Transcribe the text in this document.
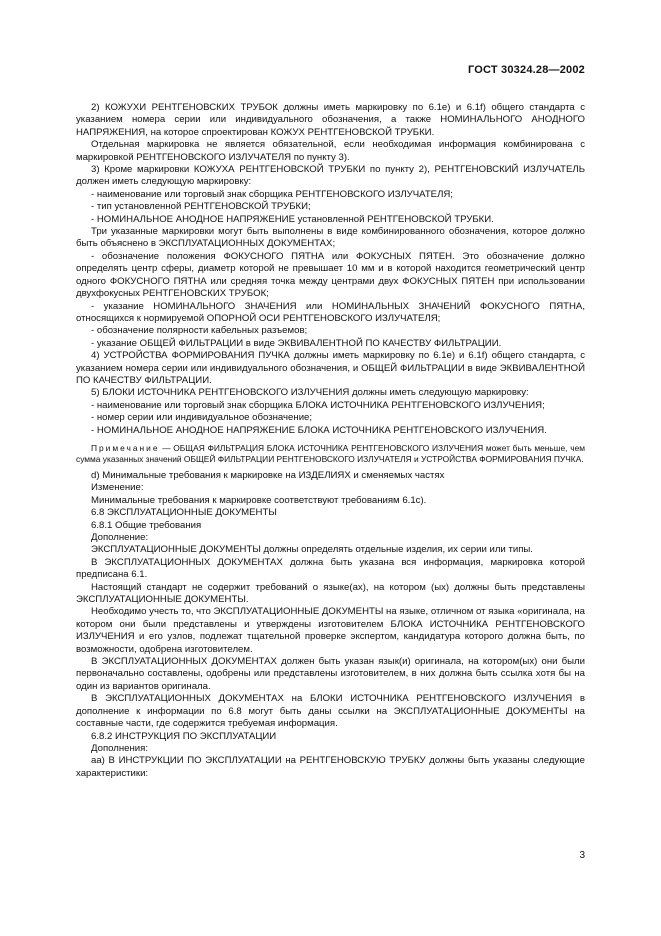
ГОСТ 30324.28—2002

2) КОЖУХИ РЕНТГЕНОВСКИХ ТРУБОК должны иметь маркировку по 6.1е) и 6.1f) общего стандарта с указанием номера серии или индивидуального обозначения, а также НОМИНАЛЬНОГО АНОДНОГО НАПРЯЖЕНИЯ, на которое спроектирован КОЖУХ РЕНТГЕНОВСКОЙ ТРУБКИ.

Отдельная маркировка не является обязательной, если необходимая информация комбинирована с маркировкой РЕНТГЕНОВСКОГО ИЗЛУЧАТЕЛЯ по пункту 3).

3) Кроме маркировки КОЖУХА РЕНТГЕНОВСКОЙ ТРУБКИ по пункту 2), РЕНТГЕНОВСКИЙ ИЗЛУЧАТЕЛЬ должен иметь следующую маркировку:

- наименование или торговый знак сборщика РЕНТГЕНОВСКОГО ИЗЛУЧАТЕЛЯ;

- тип установленной РЕНТГЕНОВСКОЙ ТРУБКИ;

- НОМИНАЛЬНОЕ АНОДНОЕ НАПРЯЖЕНИЕ установленной РЕНТГЕНОВСКОЙ ТРУБКИ.

Три указанные маркировки могут быть выполнены в виде комбинированного обозначения, которое должно быть объяснено в ЭКСПЛУАТАЦИОННЫХ ДОКУМЕНТАХ;

- обозначение положения ФОКУСНОГО ПЯТНА или ФОКУСНЫХ ПЯТЕН. Это обозначение должно определять центр сферы, диаметр которой не превышает 10 мм и в которой находится геометрический центр одного ФОКУСНОГО ПЯТНА или средняя точка между центрами двух ФОКУСНЫХ ПЯТЕН при использовании двухфокусных РЕНТГЕНОВСКИХ ТРУБОК;

- указание НОМИНАЛЬНОГО ЗНАЧЕНИЯ или НОМИНАЛЬНЫХ ЗНАЧЕНИЙ ФОКУСНОГО ПЯТНА, относящихся к нормируемой ОПОРНОЙ ОСИ РЕНТГЕНОВСКОГО ИЗЛУЧАТЕЛЯ;

- обозначение полярности кабельных разъемов;

- указание ОБЩЕЙ ФИЛЬТРАЦИИ в виде ЭКВИВАЛЕНТНОЙ ПО КАЧЕСТВУ ФИЛЬТРАЦИИ.

4) УСТРОЙСТВА ФОРМИРОВАНИЯ ПУЧКА должны иметь маркировку по 6.1е) и 6.1f) общего стандарта, с указанием номера серии или индивидуального обозначения, и ОБЩЕЙ ФИЛЬТРАЦИИ в виде ЭКВИВАЛЕНТНОЙ ПО КАЧЕСТВУ ФИЛЬТРАЦИИ.

5) БЛОКИ ИСТОЧНИКА РЕНТГЕНОВСКОГО ИЗЛУЧЕНИЯ должны иметь следующую маркировку:

- наименование или торговый знак сборщика БЛОКА ИСТОЧНИКА РЕНТГЕНОВСКОГО ИЗЛУЧЕНИЯ;

- номер серии или индивидуальное обозначение;

- НОМИНАЛЬНОЕ АНОДНОЕ НАПРЯЖЕНИЕ БЛОКА ИСТОЧНИКА РЕНТГЕНОВСКОГО ИЗЛУЧЕНИЯ.

Примечание — ОБЩАЯ ФИЛЬТРАЦИЯ БЛОКА ИСТОЧНИКА РЕНТГЕНОВСКОГО ИЗЛУЧЕНИЯ может быть меньше, чем сумма указанных значений ОБЩЕЙ ФИЛЬТРАЦИИ РЕНТГЕНОВСКОГО ИЗЛУЧАТЕЛЯ и УСТРОЙСТВА ФОРМИРОВАНИЯ ПУЧКА.

d) Минимальные требования к маркировке на ИЗДЕЛИЯХ и сменяемых частях

Изменение:

Минимальные требования к маркировке соответствуют требованиям 6.1с).

6.8 ЭКСПЛУАТАЦИОННЫЕ ДОКУМЕНТЫ

6.8.1 Общие требования

Дополнение:

ЭКСПЛУАТАЦИОННЫЕ ДОКУМЕНТЫ должны определять отдельные изделия, их серии или типы.

В ЭКСПЛУАТАЦИОННЫХ ДОКУМЕНТАХ должна быть указана вся информация, маркировка которой предписана 6.1.

Настоящий стандарт не содержит требований о языке(ах), на котором (ых) должны быть представлены ЭКСПЛУАТАЦИОННЫЕ ДОКУМЕНТЫ.

Необходимо учесть то, что ЭКСПЛУАТАЦИОННЫЕ ДОКУМЕНТЫ на языке, отличном от языка «оригинала, на котором они были представлены и утверждены изготовителем БЛОКА ИСТОЧНИКА РЕНТГЕНОВСКОГО ИЗЛУЧЕНИЯ и его узлов, подлежат тщательной проверке экспертом, кандидатура которого должна быть, по возможности, одобрена изготовителем.

В ЭКСПЛУАТАЦИОННЫХ ДОКУМЕНТАХ должен быть указан язык(и) оригинала, на котором(ых) они были первоначально составлены, одобрены или представлены изготовителем, в них должна быть ссылка хотя бы на один из вариантов оригинала.

В ЭКСПЛУАТАЦИОННЫХ ДОКУМЕНТАХ на БЛОКИ ИСТОЧНИКА РЕНТГЕНОВСКОГО ИЗЛУЧЕНИЯ в дополнение к информации по 6.8 могут быть даны ссылки на ЭКСПЛУАТАЦИОННЫЕ ДОКУМЕНТЫ на составные части, где содержится требуемая информация.

6.8.2 ИНСТРУКЦИЯ ПО ЭКСПЛУАТАЦИИ

Дополнения:

аа) В ИНСТРУКЦИИ ПО ЭКСПЛУАТАЦИИ на РЕНТГЕНОВСКУЮ ТРУБКУ должны быть указаны следующие характеристики:

3
